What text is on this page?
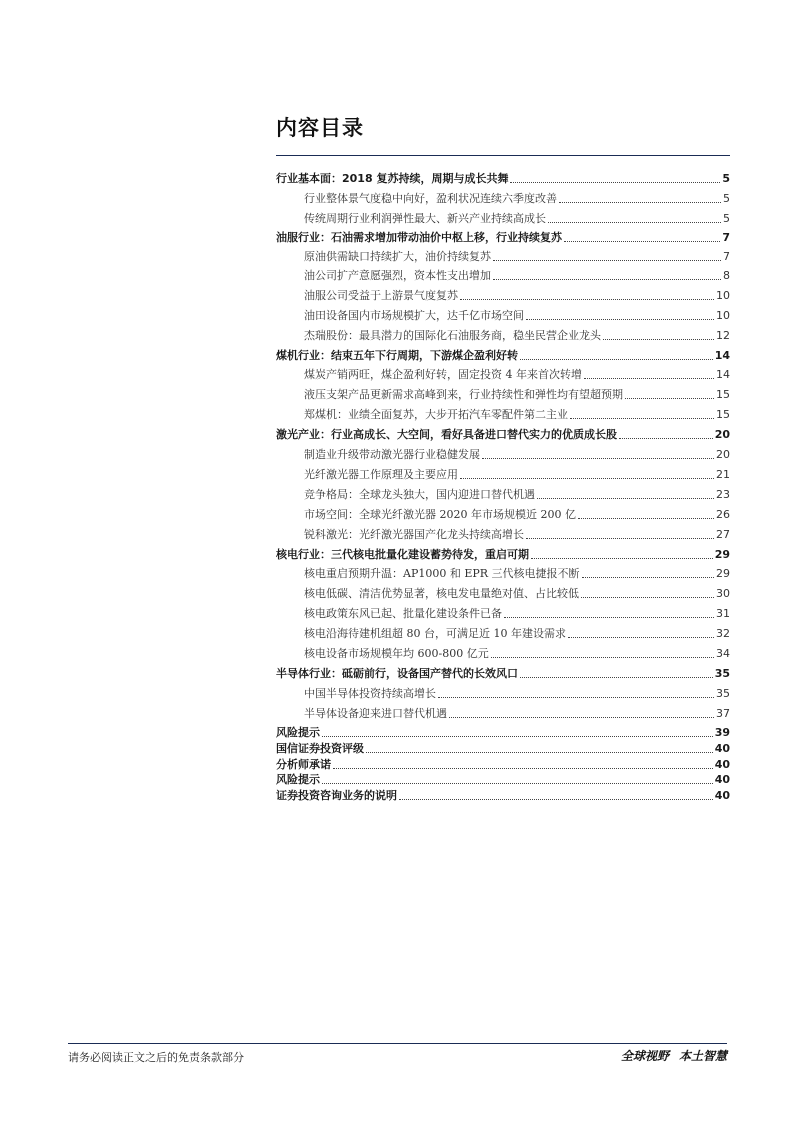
内容目录
行业基本面：2018 复苏持续，周期与成长共舞	5
行业整体景气度稳中向好，盈利状况连续六季度改善	5
传统周期行业利润弹性最大、新兴产业持续高成长	5
油服行业：石油需求增加带动油价中枢上移，行业持续复苏	7
原油供需缺口持续扩大，油价持续复苏	7
油公司扩产意愿强烈，资本性支出增加	8
油服公司受益于上游景气度复苏	10
油田设备国内市场规模扩大，达千亿市场空间	10
杰瑞股份：最具潜力的国际化石油服务商，稳坐民营企业龙头	12
煤机行业：结束五年下行周期，下游煤企盈利好转	14
煤炭产销两旺，煤企盈利好转，固定投资 4 年来首次转增	14
液压支架产品更新需求高峰到来，行业持续性和弹性均有望超预期	15
郑煤机：业绩全面复苏，大步开拓汽车零配件第二主业	15
激光产业：行业高成长、大空间，看好具备进口替代实力的优质成长股	20
制造业升级带动激光器行业稳健发展	20
光纤激光器工作原理及主要应用	21
竞争格局：全球龙头独大，国内迎进口替代机遇	23
市场空间：全球光纤激光器 2020 年市场规模近 200 亿	26
锐科激光：光纤激光器国产化龙头持续高增长	27
核电行业：三代核电批量化建设蓄势待发，重启可期	29
核电重启预期升温：AP1000 和 EPR 三代核电捷报不断	29
核电低碳、清洁优势显著，核电发电量绝对值、占比较低	30
核电政策东风已起、批量化建设条件已备	31
核电沿海待建机组超 80 台，可满足近 10 年建设需求	32
核电设备市场规模年均 600-800 亿元	34
半导体行业：砥砺前行，设备国产替代的长效风口	35
中国半导体投资持续高增长	35
半导体设备迎来进口替代机遇	37
风险提示	39
国信证券投资评级	40
分析师承诺	40
风险提示	40
证券投资咨询业务的说明	40
请务必阅读正文之后的免责条款部分	全球视野 本土智慧
